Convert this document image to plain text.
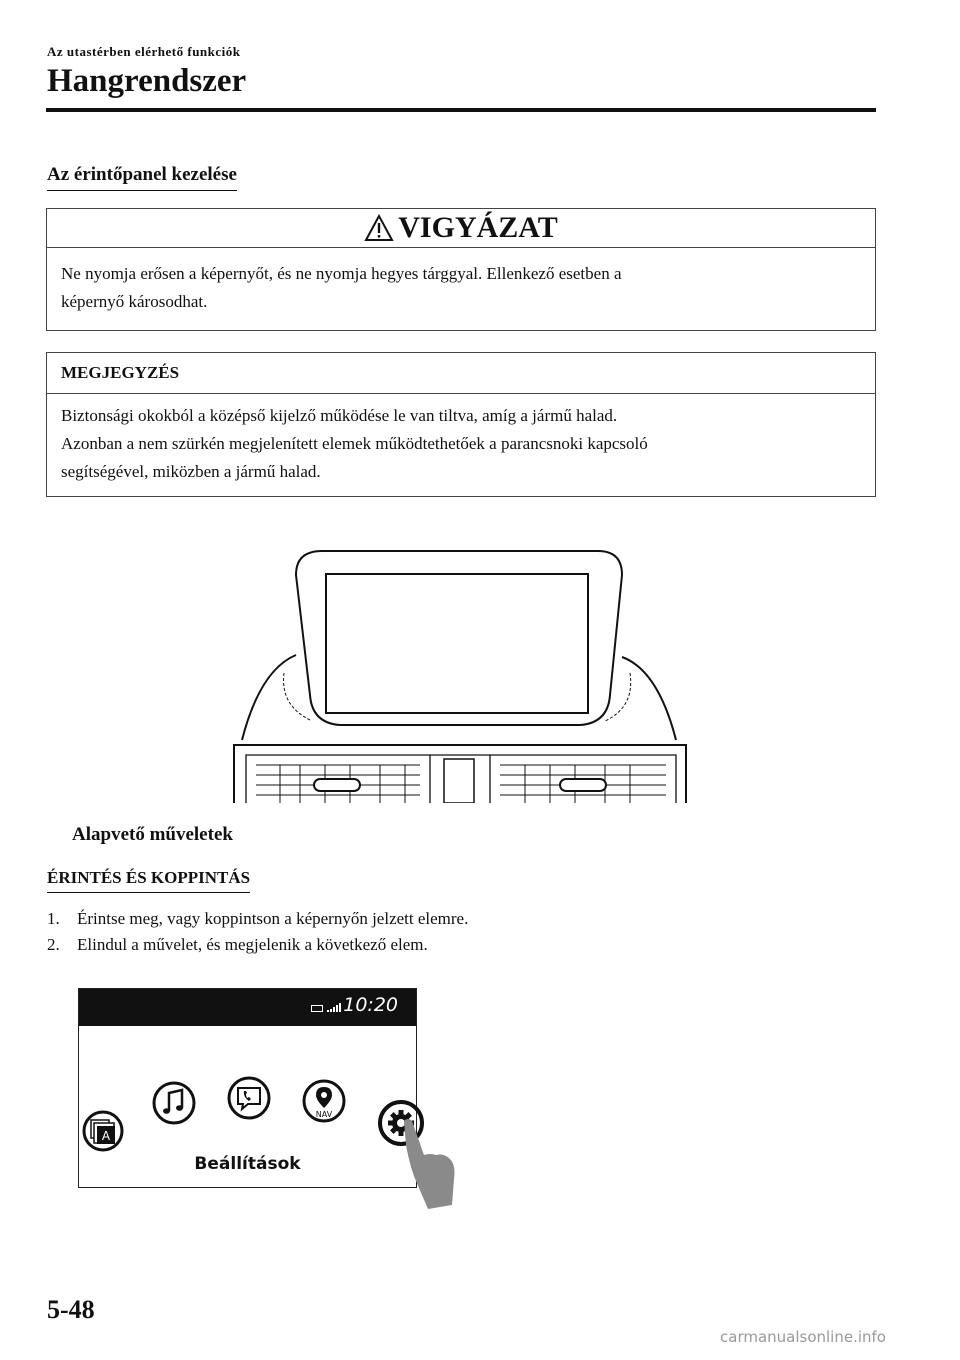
Az utastérben elérhető funkciók
Hangrendszer
Az érintőpanel kezelése
VIGYÁZAT
Ne nyomja erősen a képernyőt, és ne nyomja hegyes tárggyal. Ellenkező esetben a
képernyő károsodhat.
MEGJEGYZÉS
Biztonsági okokból a középső kijelző működése le van tiltva, amíg a jármű halad.
Azonban a nem szürkén megjelenített elemek működtethetőek a parancsnoki kapcsoló
segítségével, miközben a jármű halad.
Alapvető műveletek
ÉRINTÉS ÉS KOPPINTÁS
1. Érintse meg, vagy koppintson a képernyőn jelzett elemre.
2. Elindul a művelet, és megjelenik a következő elem.
10:20
A
NAV
Beállítások
5-48
carmanualsonline.info
